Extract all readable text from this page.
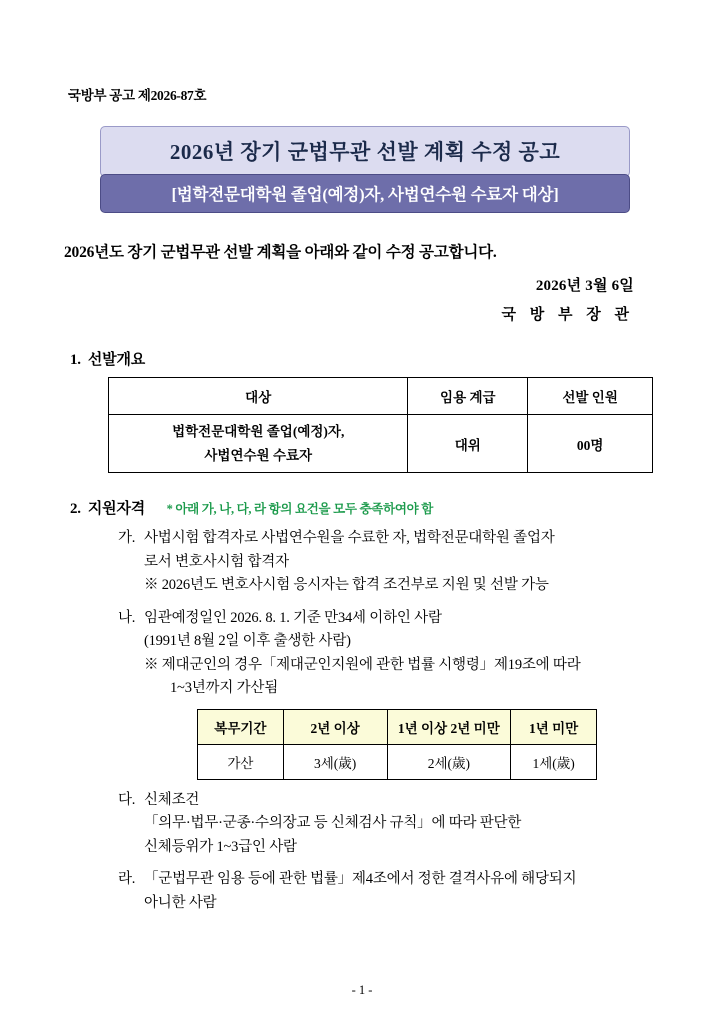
국방부 공고 제2026-87호
2026년 장기 군법무관 선발 계획 수정 공고
[법학전문대학원 졸업(예정)자, 사법연수원 수료자 대상]
2026년도 장기 군법무관 선발 계획을 아래와 같이 수정 공고합니다.
2026년 3월 6일
국 방 부 장 관
1. 선발개요
대상	임용 계급	선발 인원

법학전문대학원 졸업(예정)자,
사법연수원 수료자	대위	00명
2. 지원자격 * 아래 가, 나, 다, 라 항의 요건을 모두 충족하여야 함
가. 사법시험 합격자로 사법연수원을 수료한 자, 법학전문대학원 졸업자
로서 변호사시험 합격자
※ 2026년도 변호사시험 응시자는 합격 조건부로 지원 및 선발 가능
나. 임관예정일인 2026. 8. 1. 기준 만34세 이하인 사람
(1991년 8월 2일 이후 출생한 사람)
※ 제대군인의 경우「제대군인지원에 관한 법률 시행령」제19조에 따라
1~3년까지 가산됨
복무기간	2년 이상	1년 이상 2년 미만	1년 미만
가산	3세(歲)	2세(歲)	1세(歲)
다. 신체조건
「의무·법무·군종·수의장교 등 신체검사 규칙」에 따라 판단한
신체등위가 1~3급인 사람
라. 「군법무관 임용 등에 관한 법률」제4조에서 정한 결격사유에 해당되지
아니한 사람
- 1 -
